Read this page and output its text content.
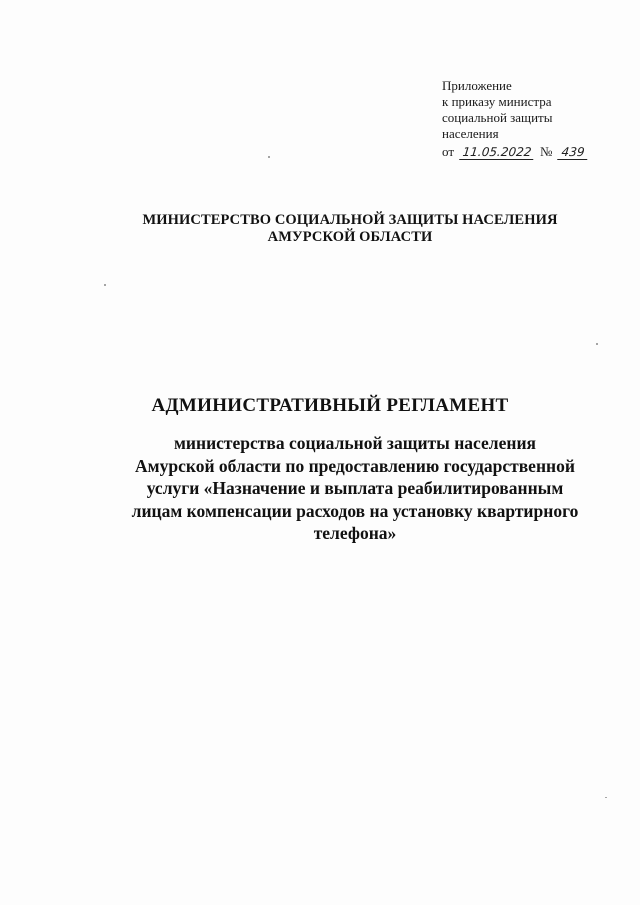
Приложение
к приказу министра
социальной защиты
населения
от 11.05.2022 № 439
МИНИСТЕРСТВО СОЦИАЛЬНОЙ ЗАЩИТЫ НАСЕЛЕНИЯ
АМУРСКОЙ ОБЛАСТИ
АДМИНИСТРАТИВНЫЙ РЕГЛАМЕНТ
министерства социальной защиты населения
Амурской области по предоставлению государственной
услуги «Назначение и выплата реабилитированным
лицам компенсации расходов на установку квартирного
телефона»
